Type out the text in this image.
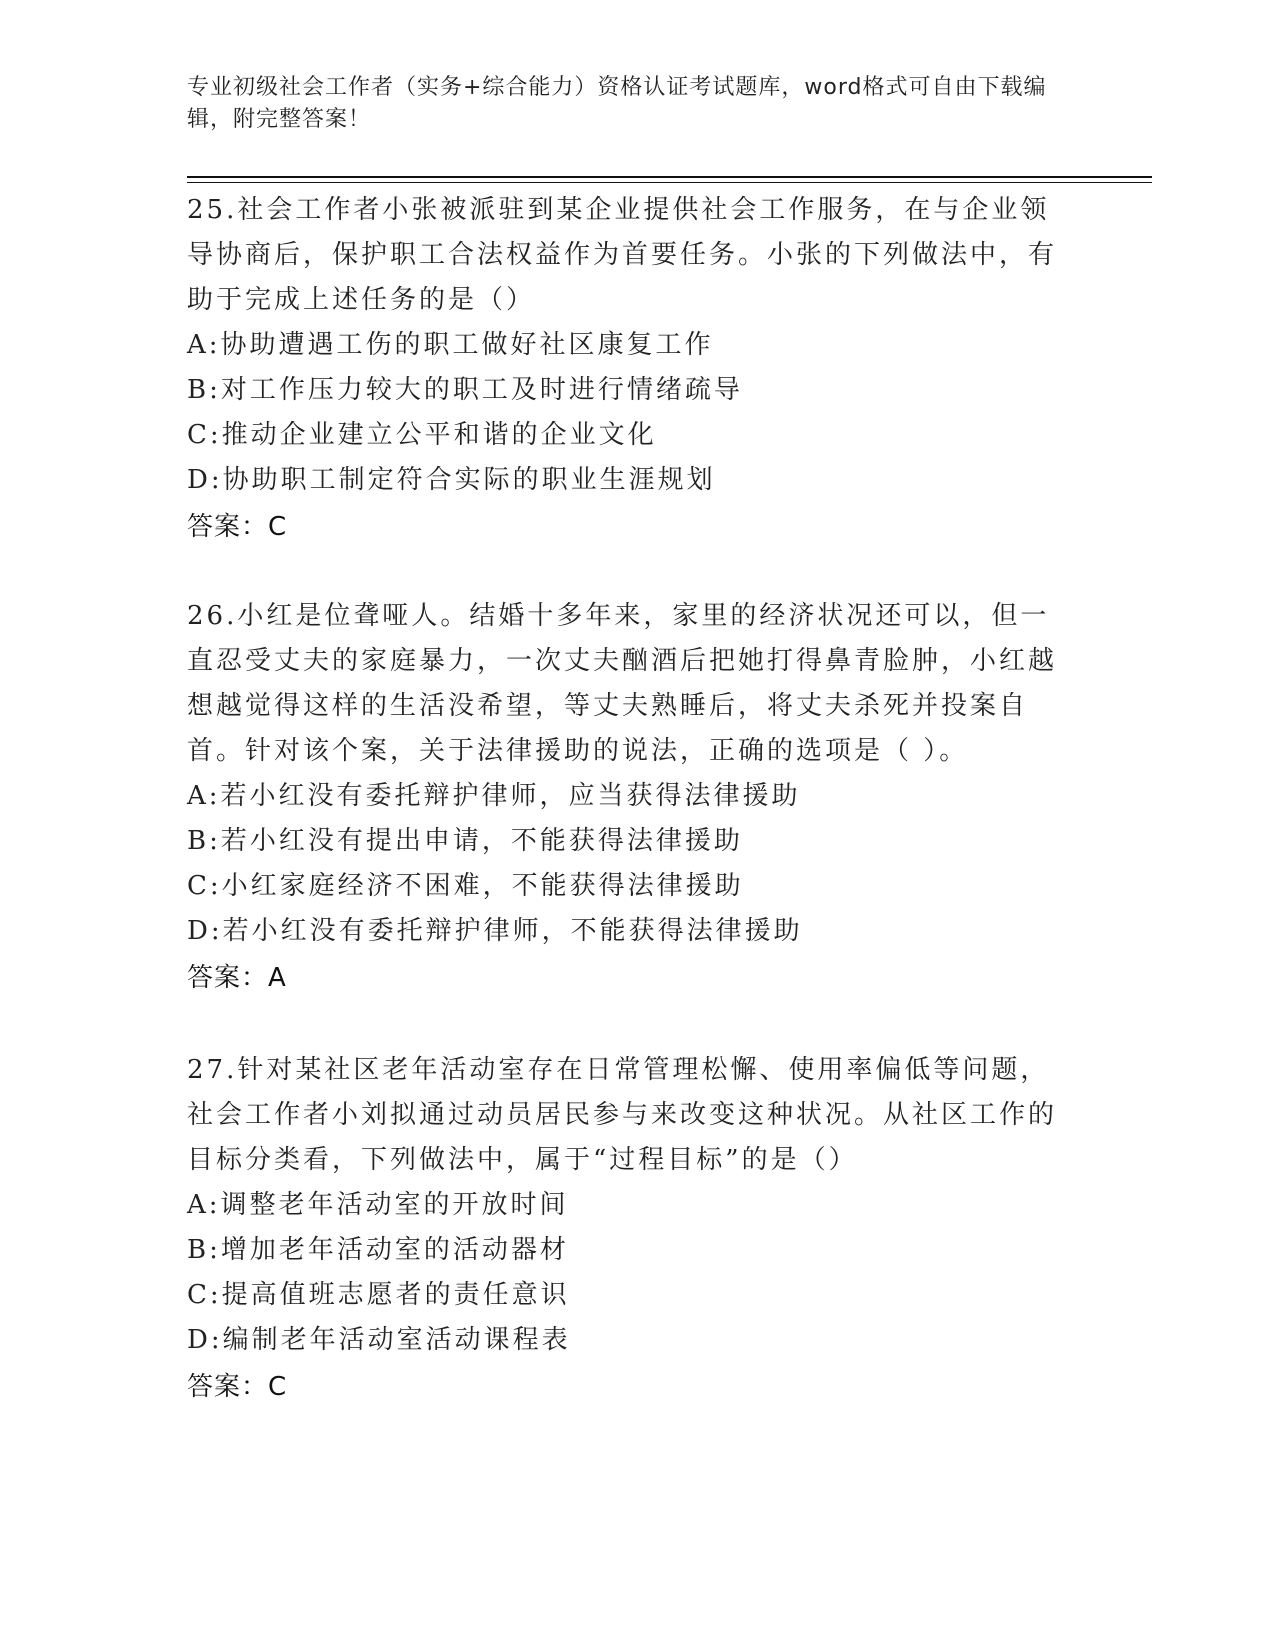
专业初级社会工作者（实务+综合能力）资格认证考试题库，word格式可自由下载编辑，附完整答案！
25.社会工作者小张被派驻到某企业提供社会工作服务，在与企业领导协商后，保护职工合法权益作为首要任务。小张的下列做法中，有助于完成上述任务的是（）
A:协助遭遇工伤的职工做好社区康复工作
B:对工作压力较大的职工及时进行情绪疏导
C:推动企业建立公平和谐的企业文化
D:协助职工制定符合实际的职业生涯规划
答案：C
26.小红是位聋哑人。结婚十多年来，家里的经济状况还可以，但一直忍受丈夫的家庭暴力，一次丈夫酗酒后把她打得鼻青脸肿，小红越想越觉得这样的生活没希望，等丈夫熟睡后，将丈夫杀死并投案自首。针对该个案，关于法律援助的说法，正确的选项是（ ）。
A:若小红没有委托辩护律师，应当获得法律援助
B:若小红没有提出申请，不能获得法律援助
C:小红家庭经济不困难，不能获得法律援助
D:若小红没有委托辩护律师，不能获得法律援助
答案：A
27.针对某社区老年活动室存在日常管理松懈、使用率偏低等问题，社会工作者小刘拟通过动员居民参与来改变这种状况。从社区工作的目标分类看，下列做法中，属于“过程目标”的是（）
A:调整老年活动室的开放时间
B:增加老年活动室的活动器材
C:提高值班志愿者的责任意识
D:编制老年活动室活动课程表
答案：C
